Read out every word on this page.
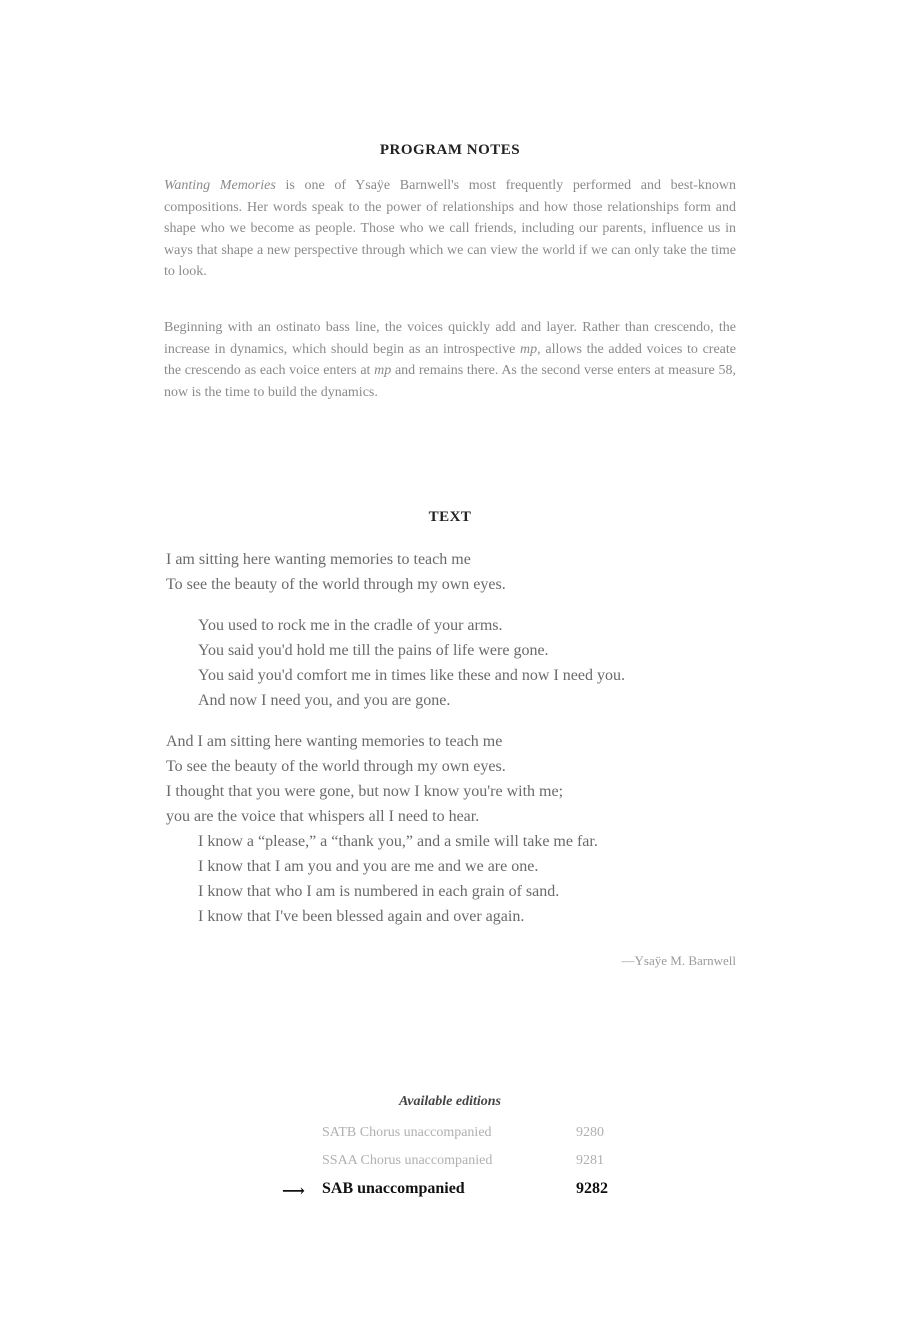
PROGRAM NOTES

Wanting Memories is one of Ysaÿe Barnwell's most frequently performed and best-known compositions. Her words speak to the power of relationships and how those relationships form and shape who we become as people. Those who we call friends, including our parents, influence us in ways that shape a new perspective through which we can view the world if we can only take the time to look.

Beginning with an ostinato bass line, the voices quickly add and layer. Rather than crescendo, the increase in dynamics, which should begin as an introspective mp, allows the added voices to create the crescendo as each voice enters at mp and remains there. As the second verse enters at measure 58, now is the time to build the dynamics.

TEXT
I am sitting here wanting memories to teach me
To see the beauty of the world through my own eyes.
You used to rock me in the cradle of your arms.
You said you'd hold me till the pains of life were gone.
You said you'd comfort me in times like these and now I need you.
And now I need you, and you are gone.
And I am sitting here wanting memories to teach me
To see the beauty of the world through my own eyes.
I thought that you were gone, but now I know you're with me;
you are the voice that whispers all I need to hear.
I know a “please,” a “thank you,” and a smile will take me far.
I know that I am you and you are me and we are one.
I know that who I am is numbered in each grain of sand.
I know that I've been blessed again and over again.
—Ysaÿe M. Barnwell
Available editions
SATB Chorus unaccompanied	9280
SSAA Chorus unaccompanied	9281
⟶ SAB unaccompanied	9282
